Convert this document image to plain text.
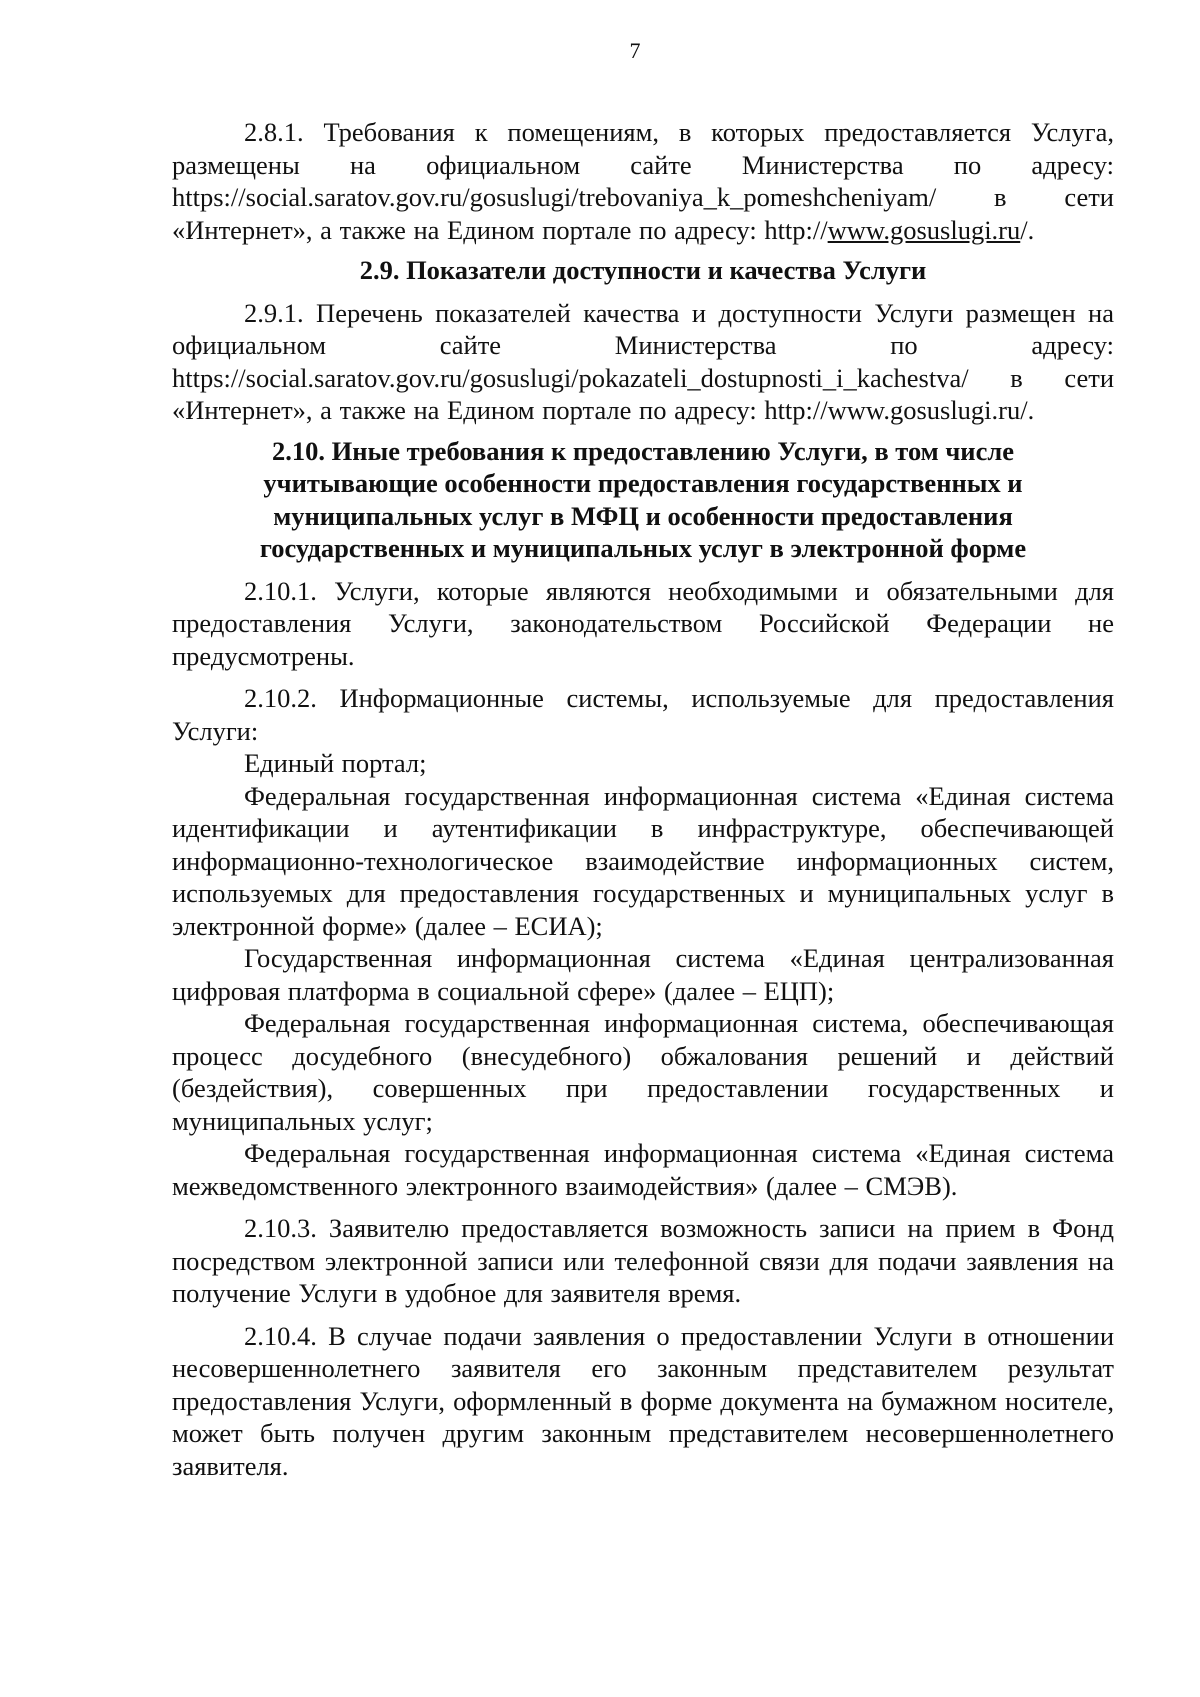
7

2.8.1. Требования к помещениям, в которых предоставляется Услуга, размещены на официальном сайте Министерства по адресу: https://social.saratov.gov.ru/gosuslugi/trebovaniya_k_pomeshcheniyam/ в сети «Интернет», а также на Едином портале по адресу: http://www.gosuslugi.ru/.

2.9. Показатели доступности и качества Услуги

2.9.1. Перечень показателей качества и доступности Услуги размещен на официальном сайте Министерства по адресу: https://social.saratov.gov.ru/gosuslugi/pokazateli_dostupnosti_i_kachestva/ в сети «Интернет», а также на Едином портале по адресу: http://www.gosuslugi.ru/.

2.10. Иные требования к предоставлению Услуги, в том числе учитывающие особенности предоставления государственных и муниципальных услуг в МФЦ и особенности предоставления государственных и муниципальных услуг в электронной форме

2.10.1. Услуги, которые являются необходимыми и обязательными для предоставления Услуги, законодательством Российской Федерации не предусмотрены.

2.10.2. Информационные системы, используемые для предоставления Услуги:

Единый портал;

Федеральная государственная информационная система «Единая система идентификации и аутентификации в инфраструктуре, обеспечивающей информационно-технологическое взаимодействие информационных систем, используемых для предоставления государственных и муниципальных услуг в электронной форме» (далее – ЕСИА);

Государственная информационная система «Единая централизованная цифровая платформа в социальной сфере» (далее – ЕЦП);

Федеральная государственная информационная система, обеспечивающая процесс досудебного (внесудебного) обжалования решений и действий (бездействия), совершенных при предоставлении государственных и муниципальных услуг;

Федеральная государственная информационная система «Единая система межведомственного электронного взаимодействия» (далее – СМЭВ).

2.10.3. Заявителю предоставляется возможность записи на прием в Фонд посредством электронной записи или телефонной связи для подачи заявления на получение Услуги в удобное для заявителя время.

2.10.4. В случае подачи заявления о предоставлении Услуги в отношении несовершеннолетнего заявителя его законным представителем результат предоставления Услуги, оформленный в форме документа на бумажном носителе, может быть получен другим законным представителем несовершеннолетнего заявителя.
